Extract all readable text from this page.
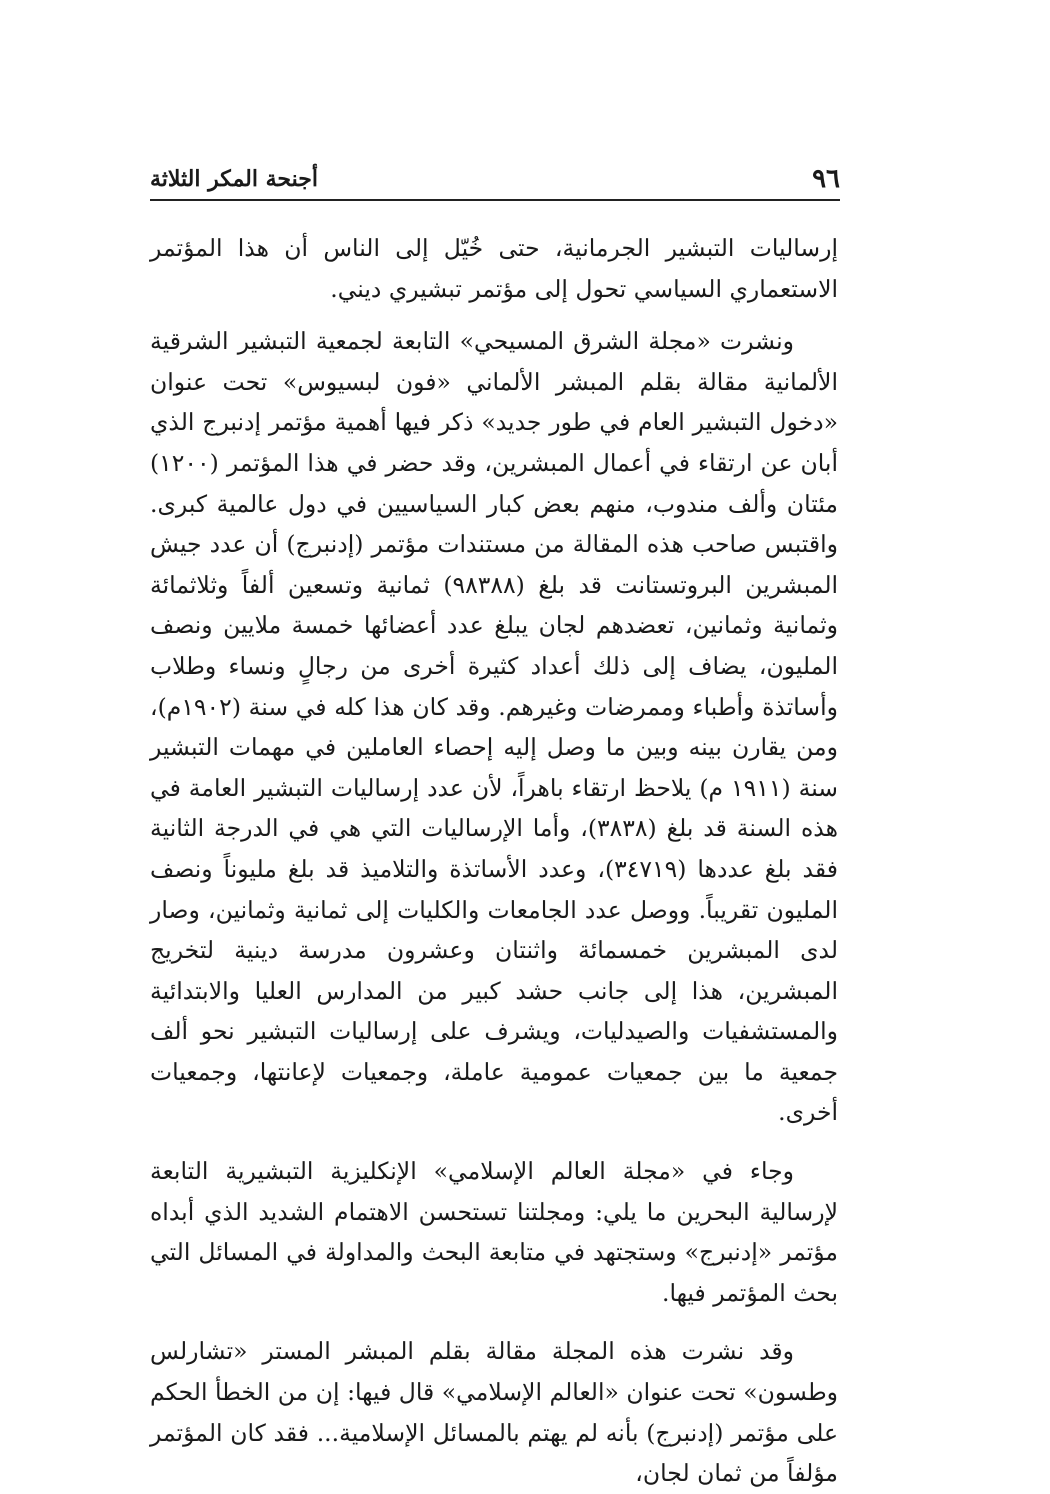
٩٦
أجنحة المكر الثلاثة

إرساليات التبشير الجرمانية، حتى خُيّل إلى الناس أن هذا المؤتمر الاستعماري السياسي تحول إلى مؤتمر تبشيري ديني.

ونشرت «مجلة الشرق المسيحي» التابعة لجمعية التبشير الشرقية الألمانية مقالة بقلم المبشر الألماني «فون لبسيوس» تحت عنوان «دخول التبشير العام في طور جديد» ذكر فيها أهمية مؤتمر إدنبرج الذي أبان عن ارتقاء في أعمال المبشرين، وقد حضر في هذا المؤتمر (١٢٠٠) مئتان وألف مندوب، منهم بعض كبار السياسيين في دول عالمية كبرى. واقتبس صاحب هذه المقالة من مستندات مؤتمر (إدنبرج) أن عدد جيش المبشرين البروتستانت قد بلغ (٩٨٣٨٨) ثمانية وتسعين ألفاً وثلاثمائة وثمانية وثمانين، تعضدهم لجان يبلغ عدد أعضائها خمسة ملايين ونصف المليون، يضاف إلى ذلك أعداد كثيرة أخرى من رجالٍ ونساء وطلاب وأساتذة وأطباء وممرضات وغيرهم. وقد كان هذا كله في سنة (١٩٠٢م)، ومن يقارن بينه وبين ما وصل إليه إحصاء العاملين في مهمات التبشير سنة (١٩١١ م) يلاحظ ارتقاء باهراً، لأن عدد إرساليات التبشير العامة في هذه السنة قد بلغ (٣٨٣٨)، وأما الإرساليات التي هي في الدرجة الثانية فقد بلغ عددها (٣٤٧١٩)، وعدد الأساتذة والتلاميذ قد بلغ مليوناً ونصف المليون تقريباً. ووصل عدد الجامعات والكليات إلى ثمانية وثمانين، وصار لدى المبشرين خمسمائة واثنتان وعشرون مدرسة دينية لتخريج المبشرين، هذا إلى جانب حشد كبير من المدارس العليا والابتدائية والمستشفيات والصيدليات، ويشرف على إرساليات التبشير نحو ألف جمعية ما بين جمعيات عمومية عاملة، وجمعيات لإعانتها، وجمعيات أخرى.

وجاء في «مجلة العالم الإسلامي» الإنكليزية التبشيرية التابعة لإرسالية البحرين ما يلي: ومجلتنا تستحسن الاهتمام الشديد الذي أبداه مؤتمر «إدنبرج» وستجتهد في متابعة البحث والمداولة في المسائل التي بحث المؤتمر فيها.

وقد نشرت هذه المجلة مقالة بقلم المبشر المستر «تشارلس وطسون» تحت عنوان «العالم الإسلامي» قال فيها: إن من الخطأ الحكم على مؤتمر (إدنبرج) بأنه لم يهتم بالمسائل الإسلامية... فقد كان المؤتمر مؤلفاً من ثمان لجان،
